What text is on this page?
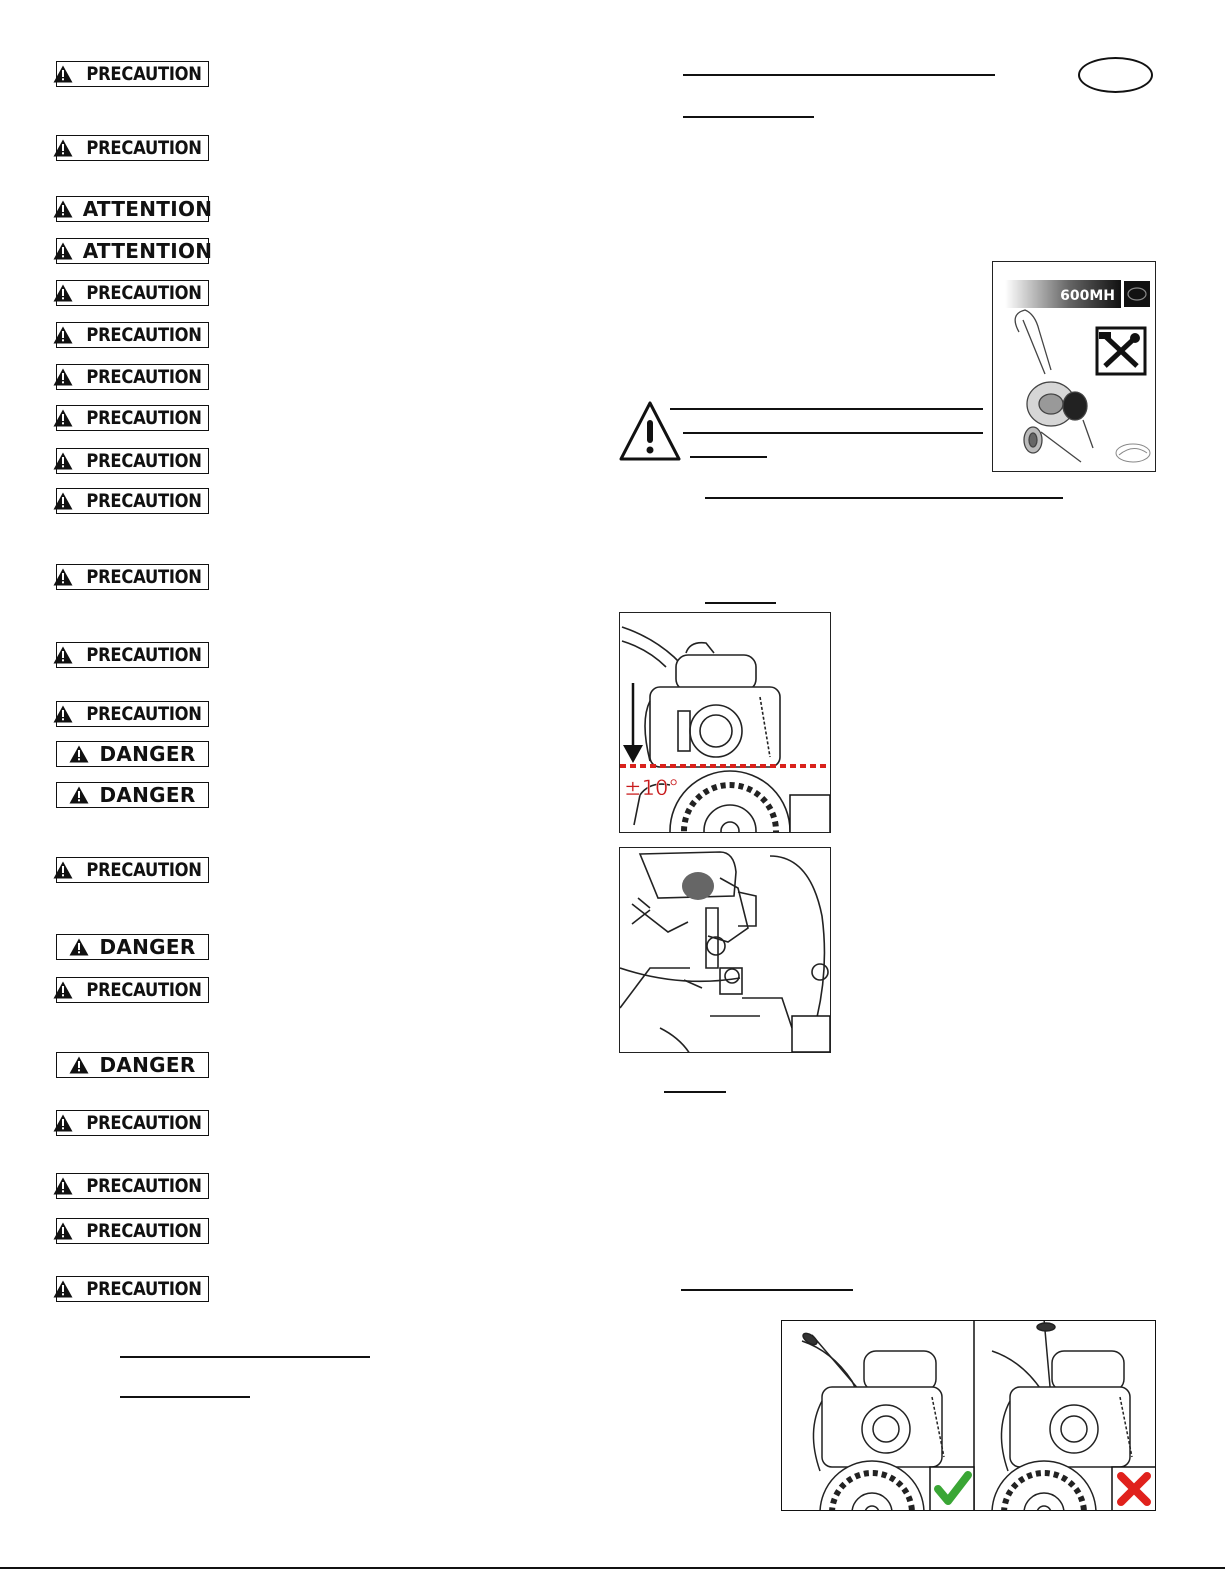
PRECAUTION
PRECAUTION
ATTENTION
ATTENTION
PRECAUTION
PRECAUTION
PRECAUTION
PRECAUTION
PRECAUTION
PRECAUTION
PRECAUTION
PRECAUTION
PRECAUTION
DANGER
DANGER
PRECAUTION
DANGER
PRECAUTION
DANGER
PRECAUTION
PRECAUTION
PRECAUTION
PRECAUTION
600MH
±10°
